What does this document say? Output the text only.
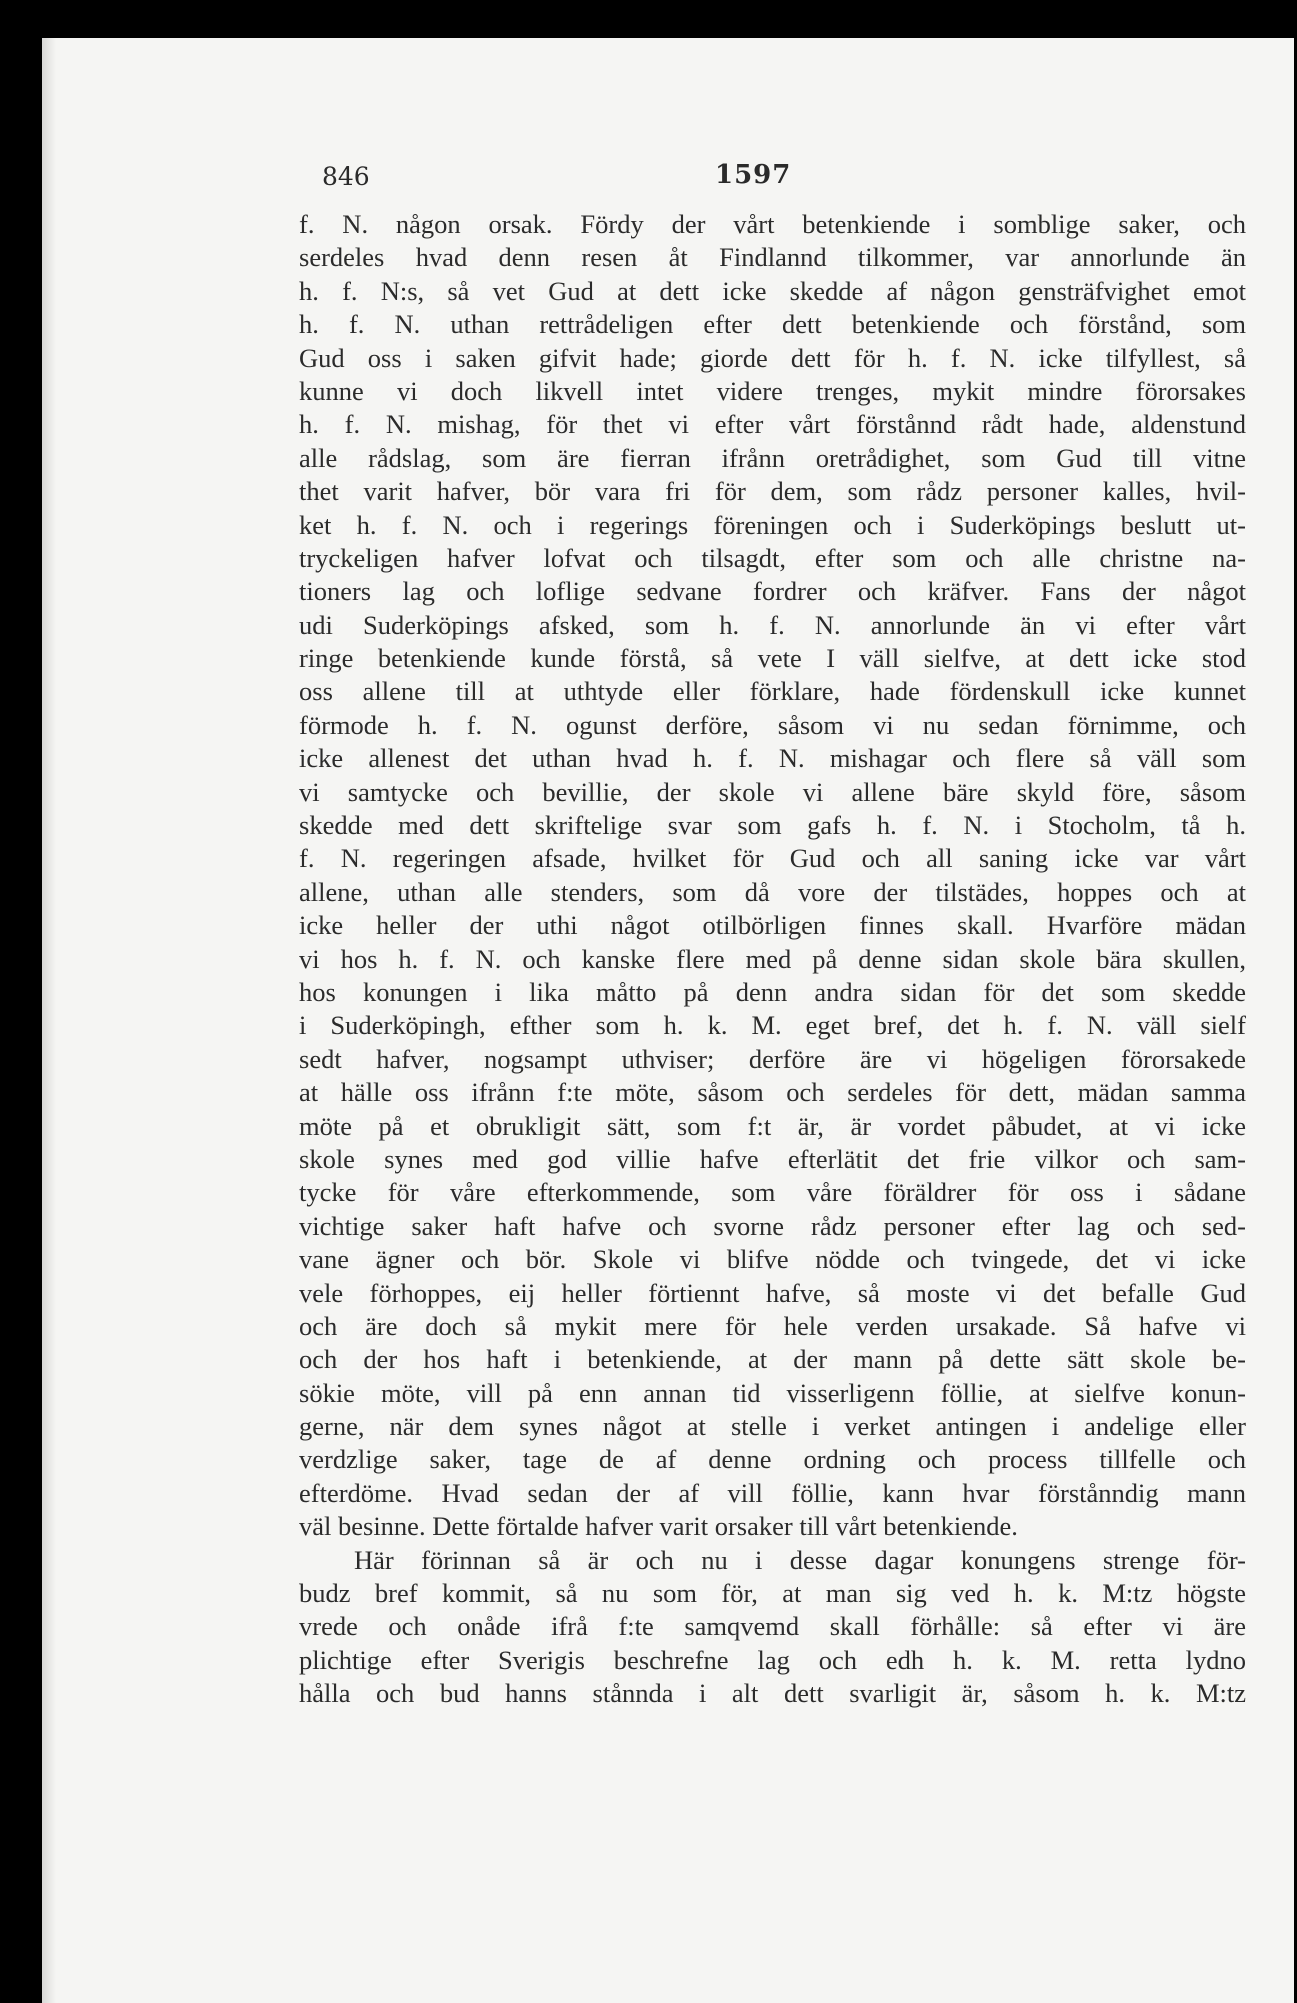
846	1597
f. N. någon orsak. Fördy der vårt betenkiende i somblige saker, och
serdeles hvad denn resen åt Findlannd tilkommer, var annorlunde än
h. f. N:s, så vet Gud at dett icke skedde af någon gensträfvighet emot
h. f. N. uthan rettrådeligen efter dett betenkiende och förstånd, som
Gud oss i saken gifvit hade; giorde dett för h. f. N. icke tilfyllest, så
kunne vi doch likvell intet videre trenges, mykit mindre förorsakes
h. f. N. mishag, för thet vi efter vårt förstånnd rådt hade, aldenstund
alle rådslag, som äre fierran ifrånn oretrådighet, som Gud till vitne
thet varit hafver, bör vara fri för dem, som rådz personer kalles, hvil-
ket h. f. N. och i regerings föreningen och i Suderköpings beslutt ut-
tryckeligen hafver lofvat och tilsagdt, efter som och alle christne na-
tioners lag och loflige sedvane fordrer och kräfver. Fans der något
udi Suderköpings afsked, som h. f. N. annorlunde än vi efter vårt
ringe betenkiende kunde förstå, så vete I väll sielfve, at dett icke stod
oss allene till at uthtyde eller förklare, hade fördenskull icke kunnet
förmode h. f. N. ogunst derföre, såsom vi nu sedan förnimme, och
icke allenest det uthan hvad h. f. N. mishagar och flere så väll som
vi samtycke och bevillie, der skole vi allene bäre skyld före, såsom
skedde med dett skriftelige svar som gafs h. f. N. i Stocholm, tå h.
f. N. regeringen afsade, hvilket för Gud och all saning icke var vårt
allene, uthan alle stenders, som då vore der tilstädes, hoppes och at
icke heller der uthi något otilbörligen finnes skall. Hvarföre mädan
vi hos h. f. N. och kanske flere med på denne sidan skole bära skullen,
hos konungen i lika måtto på denn andra sidan för det som skedde
i Suderköpingh, efther som h. k. M. eget bref, det h. f. N. väll sielf
sedt hafver, nogsampt uthviser; derföre äre vi högeligen förorsakede
at hälle oss ifrånn f:te möte, såsom och serdeles för dett, mädan samma
möte på et obrukligit sätt, som f:t är, är vordet påbudet, at vi icke
skole synes med god villie hafve efterlätit det frie vilkor och sam-
tycke för våre efterkommende, som våre föräldrer för oss i sådane
vichtige saker haft hafve och svorne rådz personer efter lag och sed-
vane ägner och bör. Skole vi blifve nödde och tvingede, det vi icke
vele förhoppes, eij heller förtiennt hafve, så moste vi det befalle Gud
och äre doch så mykit mere för hele verden ursakade. Så hafve vi
och der hos haft i betenkiende, at der mann på dette sätt skole be-
sökie möte, vill på enn annan tid visserligenn föllie, at sielfve konun-
gerne, när dem synes något at stelle i verket antingen i andelige eller
verdzlige saker, tage de af denne ordning och process tillfelle och
efterdöme. Hvad sedan der af vill föllie, kann hvar förstånndig mann
väl besinne. Dette förtalde hafver varit orsaker till vårt betenkiende.
Här förinnan så är och nu i desse dagar konungens strenge för-
budz bref kommit, så nu som för, at man sig ved h. k. M:tz högste
vrede och onåde ifrå f:te samqvemd skall förhålle: så efter vi äre
plichtige efter Sverigis beschrefne lag och edh h. k. M. retta lydno
hålla och bud hanns stånnda i alt dett svarligit är, såsom h. k. M:tz
